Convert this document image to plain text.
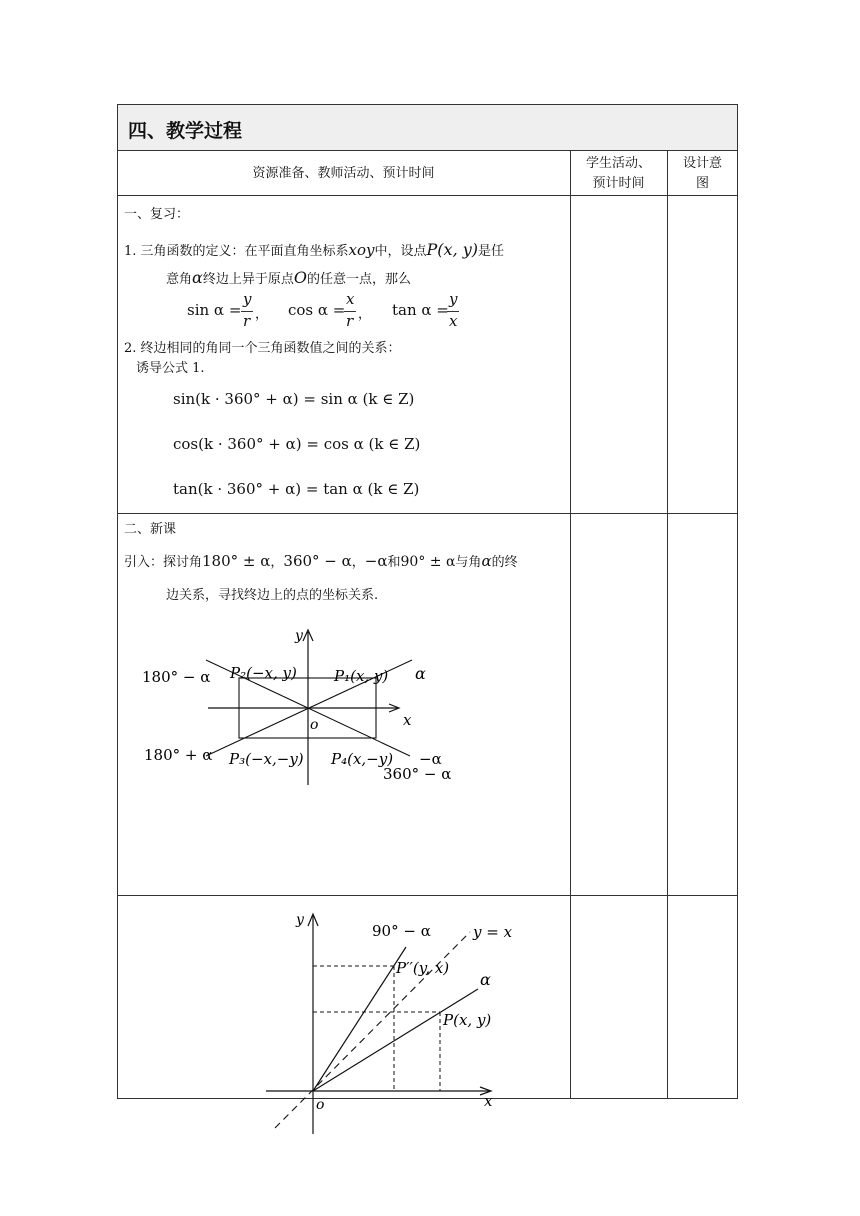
四、教学过程
资源准备、教师活动、预计时间
学生活动、
预计时间
设计意
图
一、复习：
1. 三角函数的定义：在平面直角坐标系xoy中，设点P(x, y)是任
意角α终边上异于原点O的任意一点，那么
sin α =
y
r ， cos α =
x
r ， tan α =
y
x
2. 终边相同的角同一个三角函数值之间的关系：
诱导公式 1.
sin(k · 360° + α) = sin α (k ∈ Z)
cos(k · 360° + α) = cos α (k ∈ Z)
tan(k · 360° + α) = tan α (k ∈ Z)
二、新课
引入：探讨角180° ± α，360° − α，−α和90° ± α与角α的终
边关系，寻找终边上的点的坐标关系.
y
x
o
P₂(−x, y) P₁(x, y) α
180° − α
180° + α P₃(−x,−y) P₄(x,−y) −α
360° − α
y
x
o
90° − α	y = x
P′′(y, x)
α
P(x, y)
